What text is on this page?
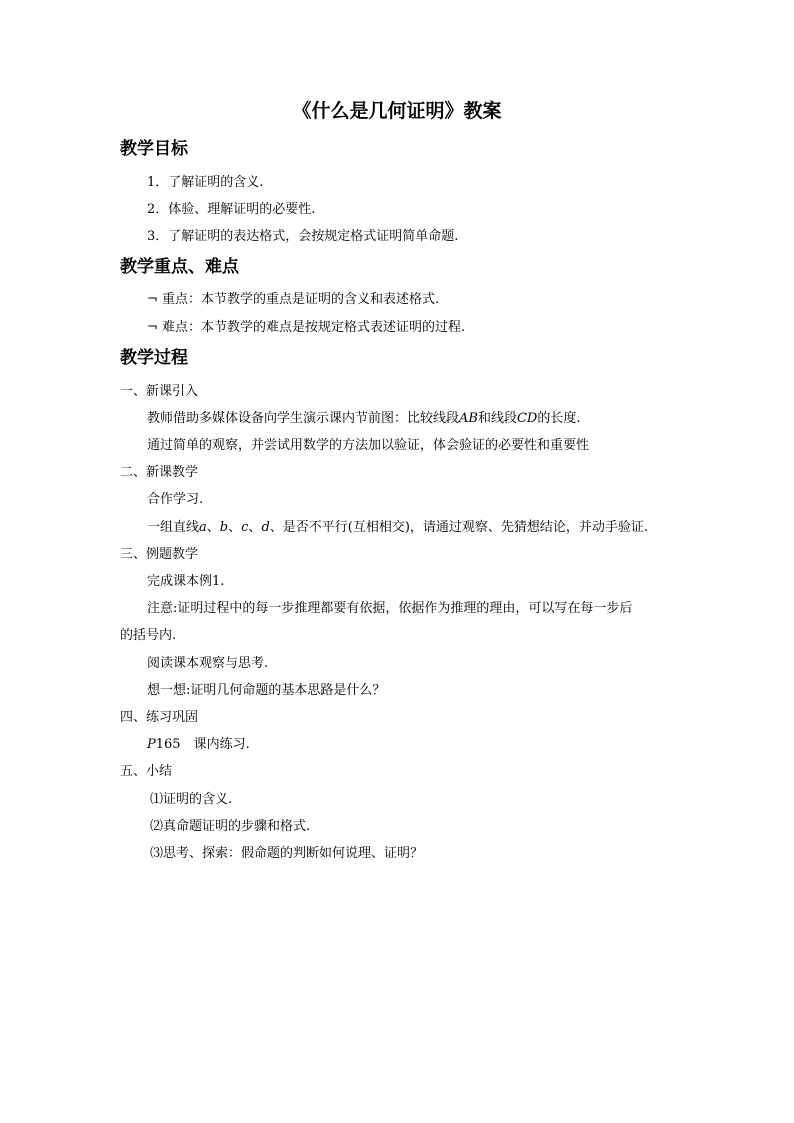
《什么是几何证明》教案
教学目标
1．了解证明的含义.
2．体验、理解证明的必要性.
3．了解证明的表达格式，会按规定格式证明简单命题.
教学重点、难点
¬ 重点：本节教学的重点是证明的含义和表述格式.
¬ 难点：本节教学的难点是按规定格式表述证明的过程.
教学过程
一、新课引入
教师借助多媒体设备向学生演示课内节前图：比较线段AB和线段CD的长度.
通过简单的观察，并尝试用数学的方法加以验证，体会验证的必要性和重要性
二、新课教学
合作学习.
一组直线a、b、c、d、是否不平行(互相相交)，请通过观察、先猜想结论，并动手验证.
三、例题教学
完成课本例1.
注意:证明过程中的每一步推理都要有依据，依据作为推理的理由，可以写在每一步后
的括号内.
阅读课本观察与思考.
想一想:证明几何命题的基本思路是什么？
四、练习巩固
P165　课内练习.
五、小结
⑴证明的含义.
⑵真命题证明的步骤和格式.
⑶思考、探索：假命题的判断如何说理、证明？
